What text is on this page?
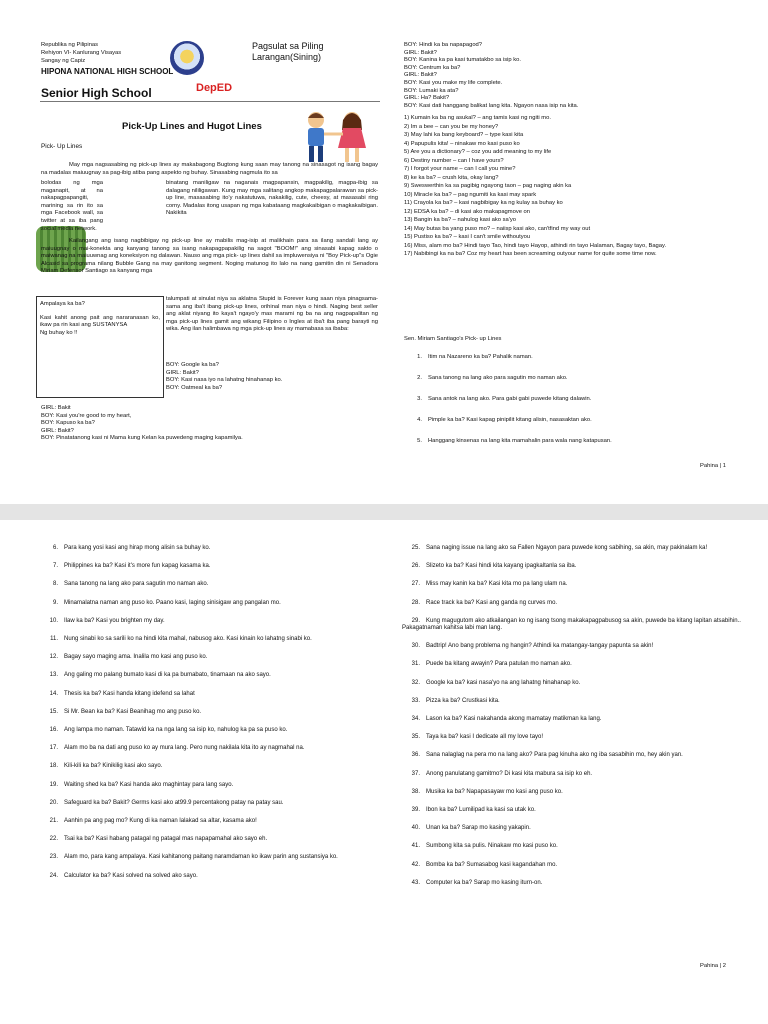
Republika ng Pilipinas
Rehiyon VI- Kanlurang Visayas
Sangay ng Capiz
HIPONA NATIONAL HIGH SCHOOL
Senior High School	DepED
Pagsulat sa Piling
Larangan(Sining)
Pick-Up Lines and Hugot Lines
Pick- Up Lines
May mga nagsasabing ng pick-up lines ay makabagong Bugtong kung saan may tanong na sinasagot ng isang bagay na madalas maiuugnay sa pag-ibig atiba pang aspekto ng buhay. Sinasabing nagmula ito sa
bolodas ng mga maganapit, at na nakapagpapangiti, marining sa rin ito sa mga Facebook wall, sa twitter at sa iba pang social media network.
binatang maniligaw na naganais magpapansin, magpakilig, magpa-ibig sa dalagang nililigawan. Kung may mga salitang angkop makapagpalarawan sa pick-up line, masasabing ito'y nakatutuwa, nakakilig, cute, cheesy, at masasabi ring corny. Madalas itong usapan ng mga kabataang magkakaibigan o magkakaibigan. Nakikita
Kailangang ang isang nagbibigay ng pick-up line ay mabilis mag-isip at malikhain para sa ilang sandali lang ay maiuugnay o mai-konekta ang kanyang tanong sa isang nakapagpapakilig na sagot "BOOM!" ang sinasabi kapag sakto o maiwanag na maiuuwnag ang koneksiyon ng dalawan. Nauso ang mga pick- up lines dahil sa impluwensiya ni "Boy Pick-up"s Ogie Alcasid sa programa nilang Bubble Gang na may ganitong segment. Noging matunog ito lalo na nang gamitin din ni Senadora Miriam Defensor Santiago sa kanyang mga
talumpati at sinulat niya sa aklatna Stupid is Forever kung saan niya pinagsama-sama ang iba't ibang pick-up lines, orihinal man niya o hindi. Naging best seller ang aklat niyang ito kaya't ngayo'y mas marami ng ba na ang nagpapalitan ng mga pick-up lines gamit ang wikang Filipino o Ingles at iba't iba pang barayti ng wika. Ang ilan halimbawa ng mga pick-up lines ay mamabasa sa ibaba:
Ampalaya ka ba?
Kasi kahit anong pait ang nararanasan ko, ikaw pa rin kasi ang SUSTANYSA
Ng buhay ko !!
BOY: Google ka ba?
GIRL: Bakit?
BOY: Kasi nasa iyo na lahatng hinahanap ko.
BOY: Oatmeal ka ba?
GIRL: Bakit
BOY: Kasi you're good to my heart,
BOY: Kapuso ka ba?
GIRL: Bakit?
BOY: Pinatatanong kasi ni Mama kung Kelan ka puwedeng maging kapamilya.
BOY: Hindi ka ba napapagod?
GIRL: Bakit?
BOY: Kanina ka pa kasi tumatakbo sa isip ko.
BOY: Centrum ka ba?
GIRL: Bakit?
BOY: Kasi you make my life complete.
BOY: Lumaki ka ata?
GIRL: Ha? Bakit?
BOY: Kasi dati hanggang balikat lang kita. Ngayon nasa isip na kita.
1) Kumain ka ba ng asukal? – ang tamis kasi ng ngiti mo.
2) Im a bee – can you be my honey?
3) May lahi ka bang keyboard? – type kasi kita
4) Papupulis kita! – ninakaw mo kasi puso ko
5) Are you a dictionary? – coz you add meaning to my life
6) Destiny number – can I have yours?
7) I forgot your name – can I call you mine?
8) ke ka ba? – crush kita, okay lang?
9) Sweswerthin ka sa pagibig ngayong taon – pag naging akin ka
10) Miracle ka ba? – pag ngumiti ka kasi may spark
11) Crayola ka ba? – kasi nagbibigay ka ng kulay sa buhay ko
12) EDSA ka ba? – di kasi ako makapagmove on
13) Bangin ka ba? – nahulog kasi ako sa'yo
14) May butas ba yang puso mo? – naiisp kasi ako, can'tfind my way out
15) Pustiso ka ba? – kasi I can't smile withoutyou
16) Miss, alam mo ba? Hindi tayo Tao, hindi tayo Hayop, athindi rin tayo Halaman, Bagay tayo, Bagay.
17) Nabibingi ka na ba? Coz my heart has been screaming outyour name for quite some time now.
Sen. Miriam Santiago's Pick- up Lines
1. Itim na Nazareno ka ba? Pahalik naman.
2. Sana tanong na lang ako para sagutin mo naman ako.
3. Sana antok na lang ako. Para gabi gabi puwede kitang dalawin.
4. Pimple ka ba? Kasi kapag pinipilit kitang alisin, nasasaktan ako.
5. Hanggang kinsenas na lang kita mamahalin para wala nang katapusan.
Pahina | 1
6. Para kang yosi kasi ang hirap mong alisin sa buhay ko.
7. Philippines ka ba? Kasi it's more fun kapag kasama ka.
8. Sana tanong na lang ako para sagutin mo naman ako.
9. Minamalatna naman ang puso ko. Paano kasi, laging sinisigaw ang pangalan mo.
10. Ilaw ka ba? Kasi you brighten my day.
11. Nung sinabi ko sa sarili ko na hindi kita mahal, nabusog ako. Kasi kinain ko lahatng sinabi ko.
12. Bagay sayo maging ama. Inalila mo kasi ang puso ko.
13. Ang galing mo palang bumato kasi di ka pa bumabato, tinamaan na ako sayo.
14. Thesis ka ba? Kasi handa kitang idefend sa lahat
15. Si Mr. Bean ka ba? Kasi Beanihag mo ang puso ko.
16. Ang lampa mo naman. Tatawid ka na nga lang sa isip ko, nahulog ka pa sa puso ko.
17. Alam mo ba na dati ang puso ko ay mura lang. Pero nung nakilala kita ito ay nagmahal na.
18. Kili-kili ka ba? Kinikilig kasi ako sayo.
19. Waiting shed ka ba? Kasi handa ako maghintay para lang sayo.
20. Safeguard ka ba? Bakit? Germs kasi ako at99.9 percentakong patay na patay sau.
21. Aanhin pa ang pag mo? Kung di ka naman lalakad sa altar, kasama ako!
22. Tsai ka ba? Kasi habang patagal ng patagal mas napapamahal ako sayo eh.
23. Alam mo, para kang ampalaya. Kasi kahitanong paitang naramdaman ko ikaw parin ang sustansiya ko.
24. Calculator ka ba? Kasi solved na solved ako sayo.
25. Sana naging issue na lang ako sa Fallen Ngayon para puwede kong sabihing, sa akin, may pakinalam ka!
26. Slizeto ka ba? Kasi hindi kita kayang ipagkaltanla sa iba.
27. Miss may kanin ka ba? Kasi kita mo pa lang ulam na.
28. Race track ka ba? Kasi ang ganda ng curves mo.
29. Kung magugutom ako atkailangan ko ng isang tsong makakapagpabusog sa akin, puwede ba kitang lapitan atsabihin.. Pakagatnaman kahitsa labi man lang.
30. Badtrip! Ano bang problema ng hangin? Athindi ka matangay-tangay papunta sa akin!
31. Puede ba kitang awayin? Para patulan mo naman ako.
32. Google ka ba? kasi nasa'yo na ang lahatng hinahanap ko.
33. Pizza ka ba? Crustkasi kita.
34. Lason ka ba? Kasi nakahanda akong mamatay matikman ka lang.
35. Taya ka ba? kasi I dedicate all my love tayo!
36. Sana nalaglag na pera mo na lang ako? Para pag kinuha ako ng iba sasabihin mo, hey akin yan.
37. Anong panulatang gamitmo? Di kasi kita mabura sa isip ko eh.
38. Musika ka ba? Napapasayaw mo kasi ang puso ko.
39. Ibon ka ba? Lumilipad ka kasi sa utak ko.
40. Unan ka ba? Sarap mo kasing yakapin.
41. Sumbong kita sa pulis. Ninakaw mo kasi puso ko.
42. Bomba ka ba? Sumasabog kasi kagandahan mo.
43. Computer ka ba? Sarap mo kasing iturn-on.
Pahina | 2
